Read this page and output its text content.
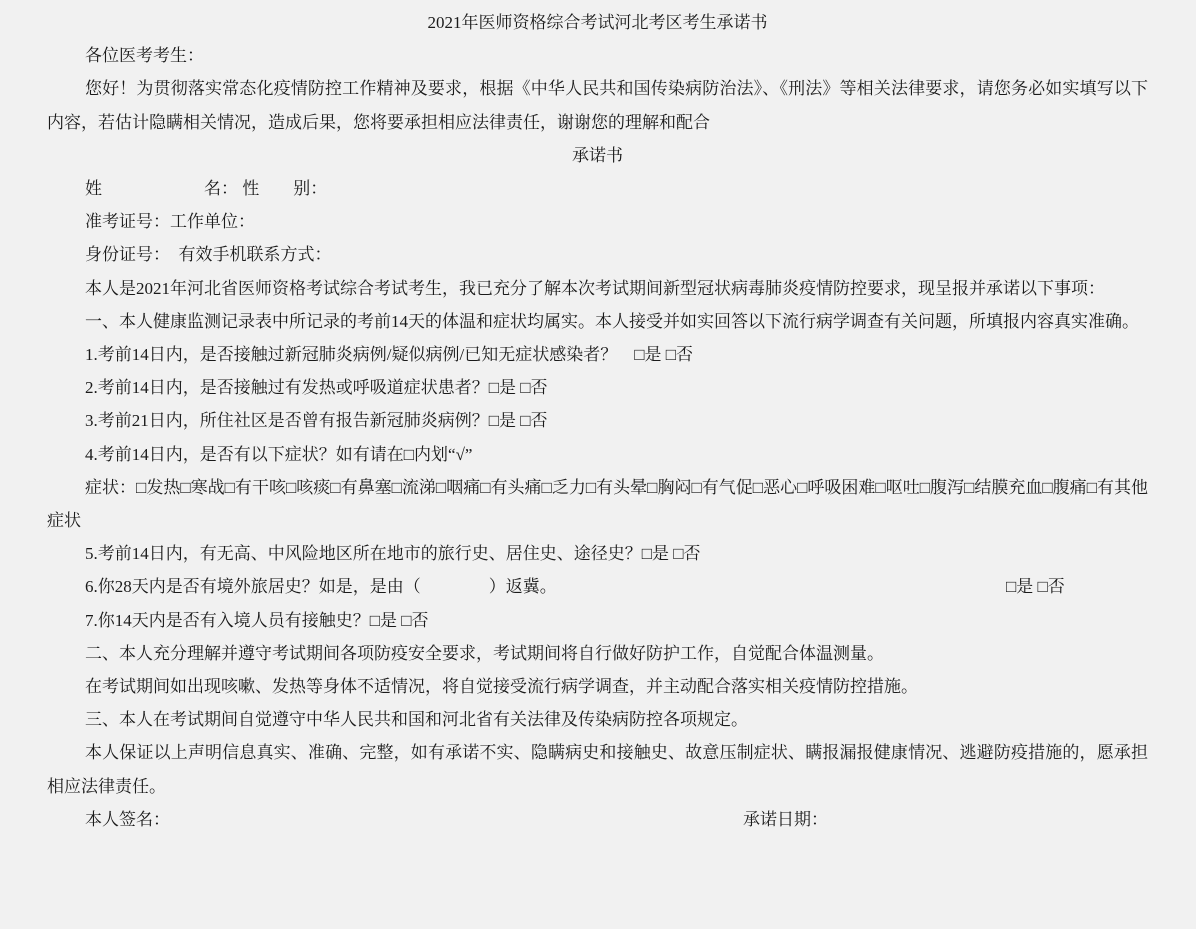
2021年医师资格综合考试河北考区考生承诺书

各位医考考生：

您好！为贯彻落实常态化疫情防控工作精神及要求，根据《中华人民共和国传染病防治法》、《刑法》等相关法律要求，请您务必如实填写以下内容，若估计隐瞒相关情况，造成后果，您将要承担相应法律责任，谢谢您的理解和配合

承诺书

姓　　　　　　名： 性　　别：

准考证号：工作单位：

身份证号：　有效手机联系方式：

本人是2021年河北省医师资格考试综合考试考生，我已充分了解本次考试期间新型冠状病毒肺炎疫情防控要求，现呈报并承诺以下事项：

一、本人健康监测记录表中所记录的考前14天的体温和症状均属实。本人接受并如实回答以下流行病学调查有关问题，所填报内容真实准确。

1.考前14日内，是否接触过新冠肺炎病例/疑似病例/已知无症状感染者？　□是 □否

2.考前14日内，是否接触过有发热或呼吸道症状患者？□是 □否

3.考前21日内，所住社区是否曾有报告新冠肺炎病例？□是 □否

4.考前14日内，是否有以下症状？如有请在□内划“√”

症状：□发热□寒战□有干咳□咳痰□有鼻塞□流涕□咽痛□有头痛□乏力□有头晕□胸闷□有气促□恶心□呼吸困难□呕吐□腹泻□结膜充血□腹痛□有其他症状

5.考前14日内，有无高、中风险地区所在地市的旅行史、居住史、途径史？□是 □否

6.你28天内是否有境外旅居史？如是，是由（　　　　）返冀。	□是 □否

7.你14天内是否有入境人员有接触史？□是 □否

二、本人充分理解并遵守考试期间各项防疫安全要求，考试期间将自行做好防护工作，自觉配合体温测量。

在考试期间如出现咳嗽、发热等身体不适情况，将自觉接受流行病学调查，并主动配合落实相关疫情防控措施。

三、本人在考试期间自觉遵守中华人民共和国和河北省有关法律及传染病防控各项规定。

本人保证以上声明信息真实、准确、完整，如有承诺不实、隐瞒病史和接触史、故意压制症状、瞒报漏报健康情况、逃避防疫措施的，愿承担相应法律责任。

本人签名：	承诺日期：
